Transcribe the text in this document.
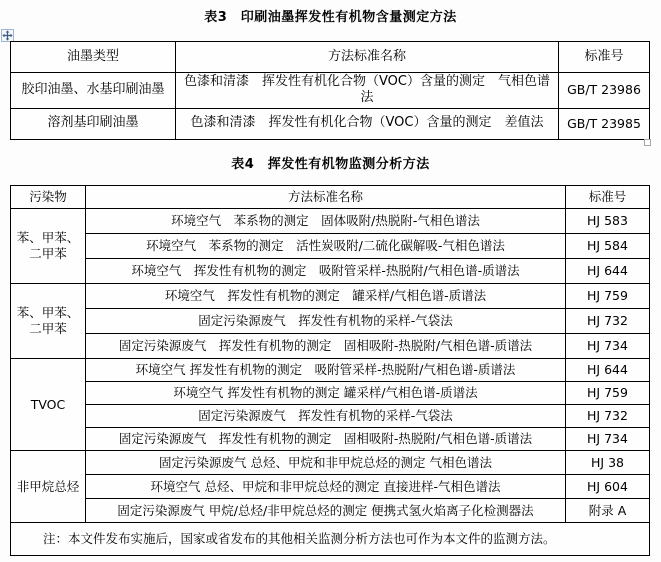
表3　印刷油墨挥发性有机物含量测定方法
油墨类型	方法标准名称	标准号
胶印油墨、水基印刷油墨	色漆和清漆　挥发性有机化合物（VOC）含量的测定　气相色谱法	GB/T 23986
溶剂基印刷油墨	色漆和清漆　挥发性有机化合物（VOC）含量的测定　差值法	GB/T 23985
表4　挥发性有机物监测分析方法
污染物	方法标准名称	标准号
苯、甲苯、二甲苯	环境空气　苯系物的测定　固体吸附/热脱附-气相色谱法	HJ 583
	环境空气　苯系物的测定　活性炭吸附/二硫化碳解吸-气相色谱法	HJ 584
	环境空气　挥发性有机物的测定　吸附管采样-热脱附/气相色谱-质谱法	HJ 644
苯、甲苯、二甲苯	环境空气　挥发性有机物的测定　罐采样/气相色谱-质谱法	HJ 759
	固定污染源废气　挥发性有机物的采样-气袋法	HJ 732
	固定污染源废气　挥发性有机物的测定　固相吸附-热脱附/气相色谱-质谱法	HJ 734
TVOC	环境空气 挥发性有机物的测定　吸附管采样-热脱附/气相色谱-质谱法	HJ 644
	环境空气 挥发性有机物的测定 罐采样/气相色谱-质谱法	HJ 759
	固定污染源废气　挥发性有机物的采样-气袋法	HJ 732
	固定污染源废气　挥发性有机物的测定　固相吸附-热脱附/气相色谱-质谱法	HJ 734
非甲烷总烃	固定污染源废气 总烃、甲烷和非甲烷总烃的测定 气相色谱法	HJ 38
	环境空气 总烃、甲烷和非甲烷总烃的测定 直接进样-气相色谱法	HJ 604
	固定污染源废气 甲烷/总烃/非甲烷总烃的测定 便携式氢火焰离子化检测器法	附录 A
注：本文件发布实施后，国家或省发布的其他相关监测分析方法也可作为本文件的监测方法。		
